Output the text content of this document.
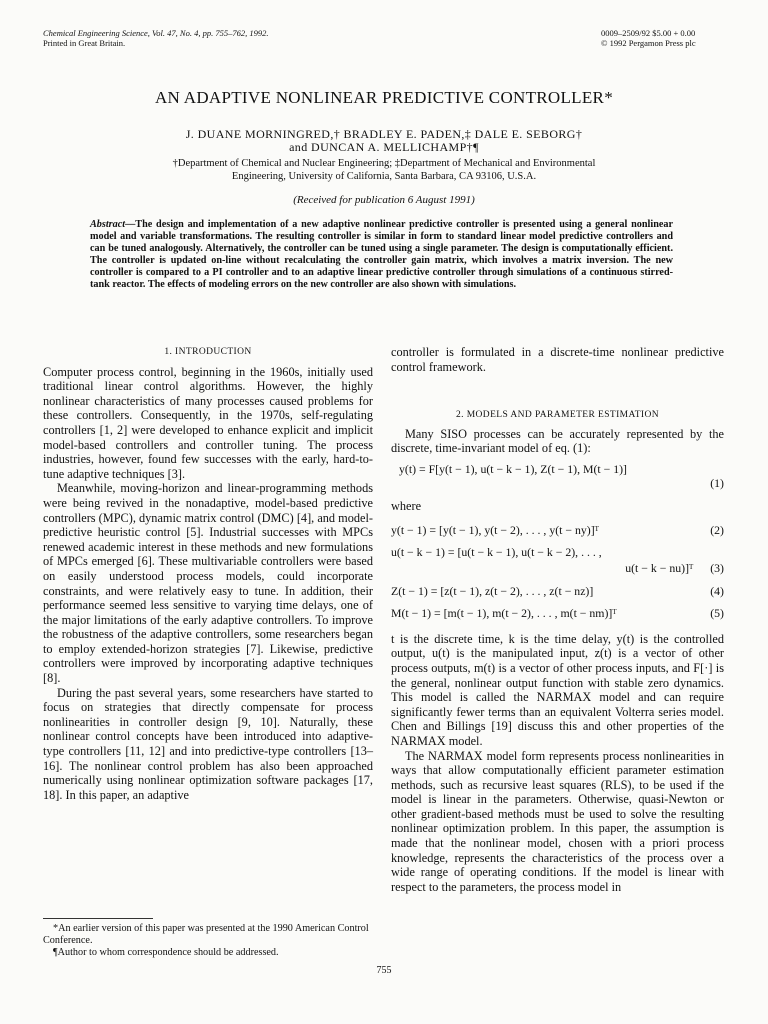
Chemical Engineering Science, Vol. 47, No. 4, pp. 755–762, 1992.
Printed in Great Britain.
0009–2509/92 $5.00 + 0.00
© 1992 Pergamon Press plc
AN ADAPTIVE NONLINEAR PREDICTIVE CONTROLLER*
J. DUANE MORNINGRED,† BRADLEY E. PADEN,‡ DALE E. SEBORG†
and DUNCAN A. MELLICHAMP†¶
†Department of Chemical and Nuclear Engineering; ‡Department of Mechanical and Environmental
Engineering, University of California, Santa Barbara, CA 93106, U.S.A.
(Received for publication 6 August 1991)
Abstract—The design and implementation of a new adaptive nonlinear predictive controller is presented using a general nonlinear model and variable transformations. The resulting controller is similar in form to standard linear model predictive controllers and can be tuned analogously. Alternatively, the controller can be tuned using a single parameter. The design is computationally efficient. The controller is updated on-line without recalculating the controller gain matrix, which involves a matrix inversion. The new controller is compared to a PI controller and to an adaptive linear predictive controller through simulations of a continuous stirred-tank reactor. The effects of modeling errors on the new controller are also shown with simulations.
1. INTRODUCTION

Computer process control, beginning in the 1960s, initially used traditional linear control algorithms. However, the highly nonlinear characteristics of many processes caused problems for these controllers. Consequently, in the 1970s, self-regulating controllers [1, 2] were developed to enhance explicit and implicit model-based controllers and controller tuning. The process industries, however, found few successes with the early, hard-to-tune adaptive techniques [3].

Meanwhile, moving-horizon and linear-programming methods were being revived in the nonadaptive, model-based predictive controllers (MPC), dynamic matrix control (DMC) [4], and model-predictive heuristic control [5]. Industrial successes with MPCs renewed academic interest in these methods and new formulations of MPCs emerged [6]. These multivariable controllers were based on easily understood process models, could incorporate constraints, and were relatively easy to tune. In addition, their performance seemed less sensitive to varying time delays, one of the major limitations of the early adaptive controllers. To improve the robustness of the adaptive controllers, some researchers began to employ extended-horizon strategies [7]. Likewise, predictive controllers were improved by incorporating adaptive techniques [8].

During the past several years, some researchers have started to focus on strategies that directly compensate for process nonlinearities in controller design [9, 10]. Naturally, these nonlinear control concepts have been introduced into adaptive-type controllers [11, 12] and into predictive-type controllers [13–16]. The nonlinear control problem has also been approached numerically using nonlinear optimization software packages [17, 18]. In this paper, an adaptive

controller is formulated in a discrete-time nonlinear predictive control framework.

2. MODELS AND PARAMETER ESTIMATION

Many SISO processes can be accurately represented by the discrete, time-invariant model of eq. (1):

y(t) = F[y(t − 1), u(t − k − 1), Z(t − 1), M(t − 1)]
(1)

where

y(t − 1) = [y(t − 1), y(t − 2), . . . , y(t − ny)]ᵀ	(2)
u(t − k − 1) = [u(t − k − 1), u(t − k − 2), . . . ,
u(t − k − nu)]ᵀ (3)
Z(t − 1) = [z(t − 1), z(t − 2), . . . , z(t − nz)]	(4)
M(t − 1) = [m(t − 1), m(t − 2), . . . , m(t − nm)]ᵀ	(5)

t is the discrete time, k is the time delay, y(t) is the controlled output, u(t) is the manipulated input, z(t) is a vector of other process outputs, m(t) is a vector of other process inputs, and F[·] is the general, nonlinear output function with stable zero dynamics. This model is called the NARMAX model and can require significantly fewer terms than an equivalent Volterra series model. Chen and Billings [19] discuss this and other properties of the NARMAX model.

The NARMAX model form represents process nonlinearities in ways that allow computationally efficient parameter estimation methods, such as recursive least squares (RLS), to be used if the model is linear in the parameters. Otherwise, quasi-Newton or other gradient-based methods must be used to solve the resulting nonlinear optimization problem. In this paper, the assumption is made that the nonlinear model, chosen with a priori process knowledge, represents the characteristics of the process over a wide range of operating conditions. If the model is linear with respect to the parameters, the process model in

*An earlier version of this paper was presented at the 1990 American Control Conference.
¶Author to whom correspondence should be addressed.
755
